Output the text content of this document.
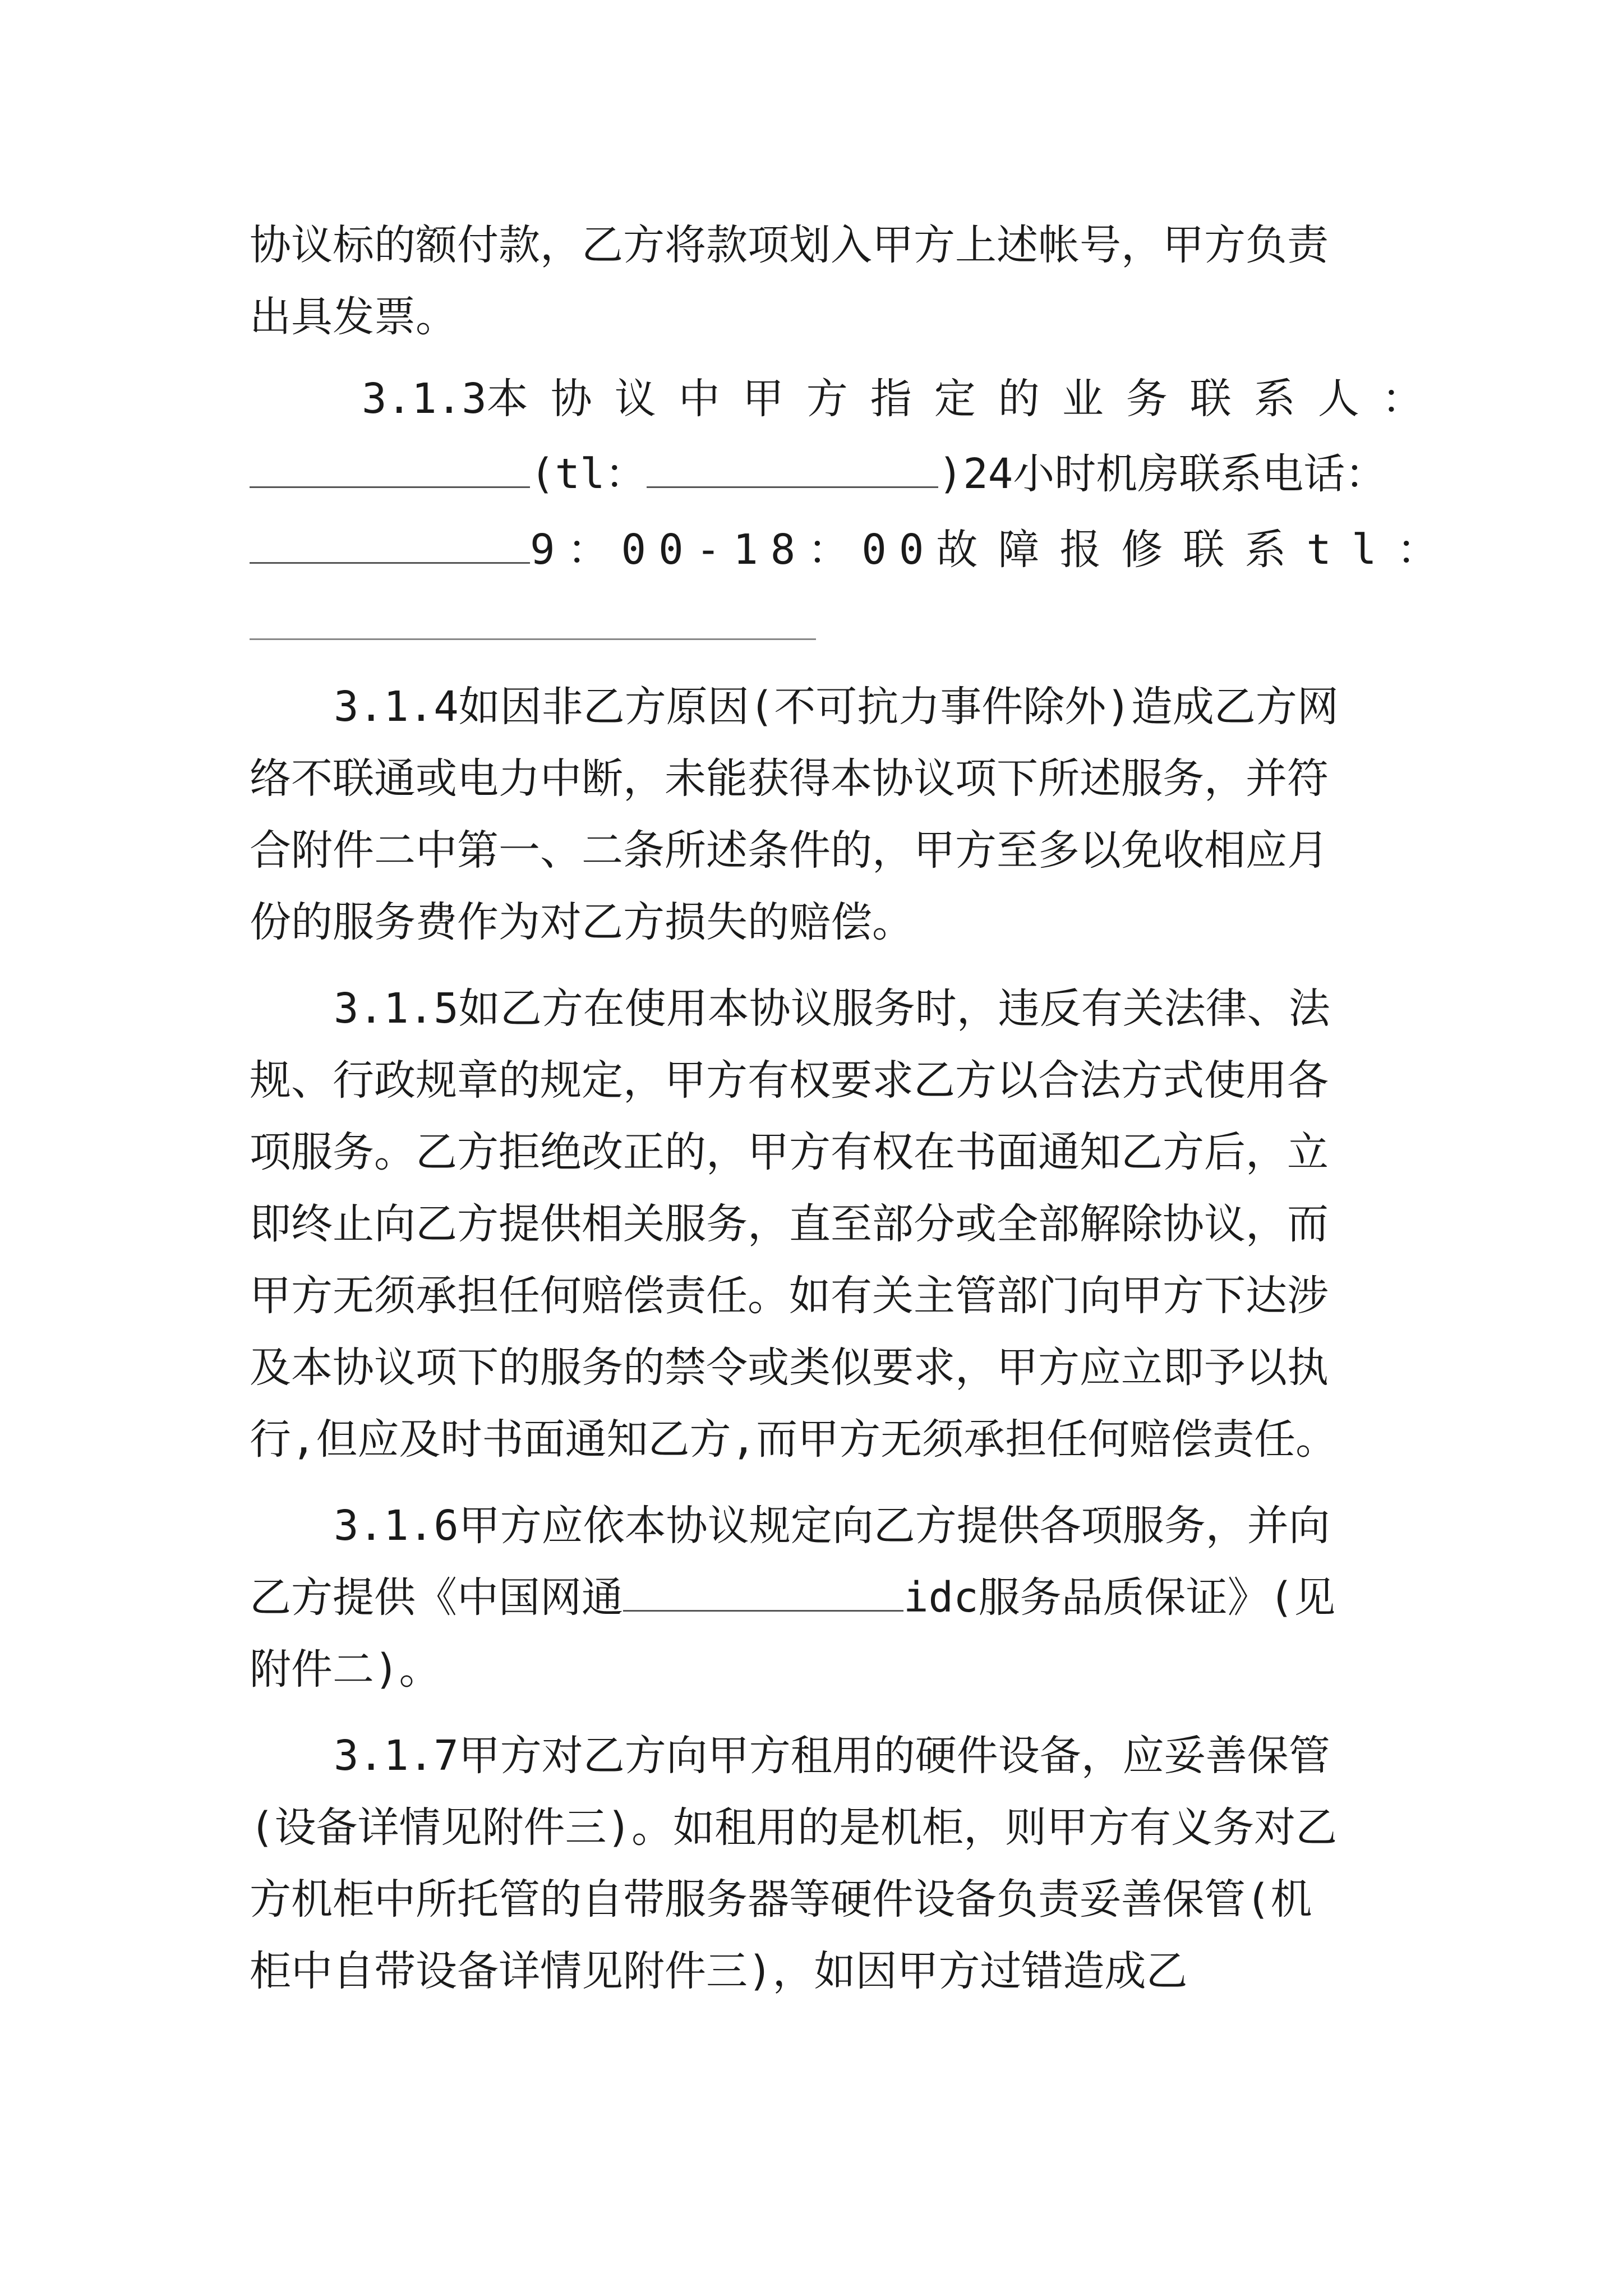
协议标的额付款，乙方将款项划入甲方上述帐号，甲方负责
出具发票。
3.1.3 本协议中甲方指定的业务联系人：
(tl：	)24小时机房联系电话：
9：00-18：00故障报修联系tl：
3.1.4如因非乙方原因(不可抗力事件除外)造成乙方网
络不联通或电力中断，未能获得本协议项下所述服务，并符
合附件二中第一、二条所述条件的，甲方至多以免收相应月
份的服务费作为对乙方损失的赔偿。
3.1.5如乙方在使用本协议服务时，违反有关法律、法
规、行政规章的规定，甲方有权要求乙方以合法方式使用各
项服务。乙方拒绝改正的，甲方有权在书面通知乙方后，立
即终止向乙方提供相关服务，直至部分或全部解除协议，而
甲方无须承担任何赔偿责任。如有关主管部门向甲方下达涉
及本协议项下的服务的禁令或类似要求，甲方应立即予以执
行,但应及时书面通知乙方,而甲方无须承担任何赔偿责任。
3.1.6甲方应依本协议规定向乙方提供各项服务，并向
乙方提供《中国网通	idc服务品质保证》(见
附件二)。
3.1.7甲方对乙方向甲方租用的硬件设备，应妥善保管
(设备详情见附件三)。如租用的是机柜，则甲方有义务对乙
方机柜中所托管的自带服务器等硬件设备负责妥善保管(机
柜中自带设备详情见附件三)，如因甲方过错造成乙
